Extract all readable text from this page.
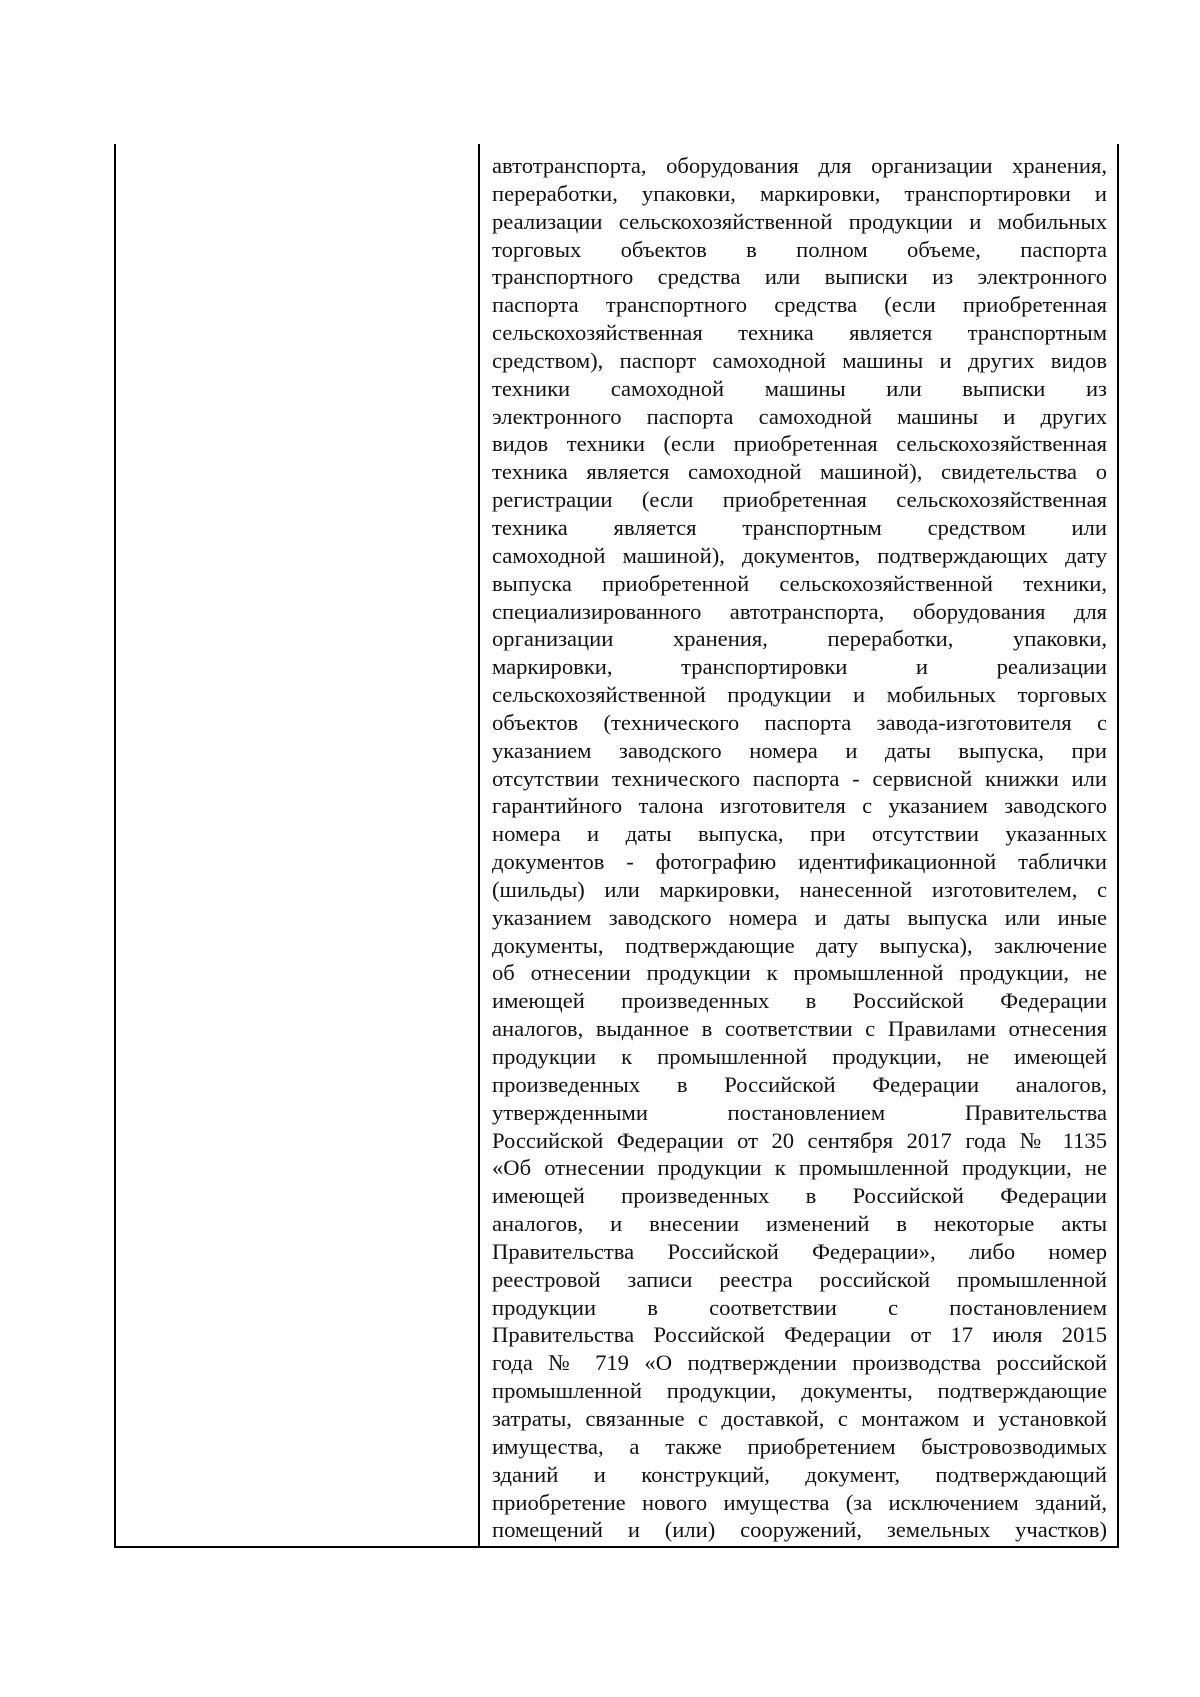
автотранспорта, оборудования для организации хранения,
переработки, упаковки, маркировки, транспортировки и
реализации сельскохозяйственной продукции и мобильных
торговых объектов в полном объеме, паспорта
транспортного средства или выписки из электронного
паспорта транспортного средства (если приобретенная
сельскохозяйственная техника является транспортным
средством), паспорт самоходной машины и других видов
техники самоходной машины или выписки из
электронного паспорта самоходной машины и других
видов техники (если приобретенная сельскохозяйственная
техника является самоходной машиной), свидетельства о
регистрации (если приобретенная сельскохозяйственная
техника является транспортным средством или
самоходной машиной), документов, подтверждающих дату
выпуска приобретенной сельскохозяйственной техники,
специализированного автотранспорта, оборудования для
организации хранения, переработки, упаковки,
маркировки, транспортировки и реализации
сельскохозяйственной продукции и мобильных торговых
объектов (технического паспорта завода-изготовителя с
указанием заводского номера и даты выпуска, при
отсутствии технического паспорта - сервисной книжки или
гарантийного талона изготовителя с указанием заводского
номера и даты выпуска, при отсутствии указанных
документов - фотографию идентификационной таблички
(шильды) или маркировки, нанесенной изготовителем, с
указанием заводского номера и даты выпуска или иные
документы, подтверждающие дату выпуска), заключение
об отнесении продукции к промышленной продукции, не
имеющей произведенных в Российской Федерации
аналогов, выданное в соответствии с Правилами отнесения
продукции к промышленной продукции, не имеющей
произведенных в Российской Федерации аналогов,
утвержденными постановлением Правительства
Российской Федерации от 20 сентября 2017 года № 1135
«Об отнесении продукции к промышленной продукции, не
имеющей произведенных в Российской Федерации
аналогов, и внесении изменений в некоторые акты
Правительства Российской Федерации», либо номер
реестровой записи реестра российской промышленной
продукции в соответствии с постановлением
Правительства Российской Федерации от 17 июля 2015
года № 719 «О подтверждении производства российской
промышленной продукции, документы, подтверждающие
затраты, связанные с доставкой, с монтажом и установкой
имущества, а также приобретением быстровозводимых
зданий и конструкций, документ, подтверждающий
приобретение нового имущества (за исключением зданий,
помещений и (или) сооружений, земельных участков)
